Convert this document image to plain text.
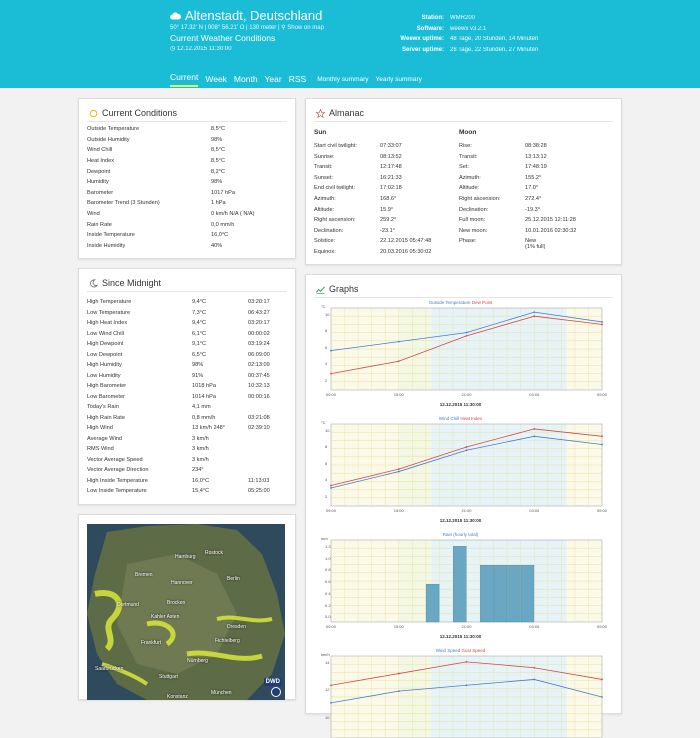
Altenstadt, Deutschland
50° 17.32' N | 008° 56.21' O | 130 meter | ⚲ Show on map
Current Weather Conditions
◷ 12.12.2015 11:30:00
Station:	WMR200
Software:	weewx v3.2.1
Weewx uptime:	48 Tage, 20 Stunden, 14 Minuten
Server uptime:	28 Tage, 22 Stunden, 27 Minuten
Current Week Month Year RSS Monthly summary Yearly summary
Current Conditions
Outside Temperature	8,5°C
Outside Humidity	98%
Wind Chill	8,5°C
Heat Index	8,5°C
Dewpoint	8,2°C
Humidity	98%
Barometer	1017 hPa
Barometer Trend (3 Stunden)	1 hPa
Wind	0 km/h N/A ( N/A)
Rain Rate	0,0 mm/h
Inside Temperature	16,0°C
Inside Humidity	40%
Since Midnight
High Temperature	9,4°C	03:20:17
Low Temperature	7,3°C	06:43:27
High Heat Index	9,4°C	03:20:17
Low Wind Chill	6,1°C	00:00:02
High Dewpoint	9,1°C	03:19:24
Low Dewpoint	6,5°C	06:09:00
High Humidity	98%	02:13:09
Low Humidity	91%	00:37:45
High Barometer	1018 hPa	10:32:13
Low Barometer	1014 hPa	00:00:16
Today's Rain	4,1 mm
High Rain Rate	0,8 mm/h	03:21:08
High Wind	13 km/h 248°	02:39:10
Average Wind	3 km/h
RMS Wind	3 km/h
Vector Average Speed	3 km/h
Vector Average Direction	234°
High Inside Temperature	16,0°C	11:13:03
Low Inside Temperature	15,4°C	05:25:00
Hamburg
Rostock
Bremen
Hannover
Berlin
Dortmund	Brocken
Kahler Asten
Dresden
Fichtelberg
Frankfurt
Nürnberg
Saarbrücken
Stuttgart
Konstanz
München
DWD
Almanac
Sun	Moon
Start civil twilight:	07:33:07
Sunrise:	08:13:52
Transit:	12:17:48
Sunset:	16:21:33
End civil twilight:	17:02:18
Azimuth:	168.6°
Altitude:	15.9°
Right ascension:	259.2°
Declination:	-23.1°
Solstice:	22.12.2015 05:47:48
Equinox:	20.03.2016 05:30:02
Rise:	08:38:28
Transit:	13:13:12
Set:	17:48:19
Azimuth:	155.2°
Altitude:	17.0°
Right ascension:	272.4°
Declination:	-19.3°
Full moon:	25.12.2015 12:11:28
New moon:	10.01.2016 02:30:32
Phase:	New
(1% full)
Graphs
Outside Temperature Dew Point
°C
10
8
6
4
2
09:00	15:00	21:00	03:00	09:00
12.12.2015 11:30:00
Wind Chill Heat Index
°C
10
8
6
4
2
09:00	15:00	21:00	03:00	09:00
12.12.2015 11:30:00
Rain (hourly total)
mm
1.2
1.0
0.8
0.6
0.4
0.2
0.0
09:00	15:00	21:00	03:00	09:00
12.12.2015 11:30:00
Wind Speed Gust Speed
km/h
14
12
10
